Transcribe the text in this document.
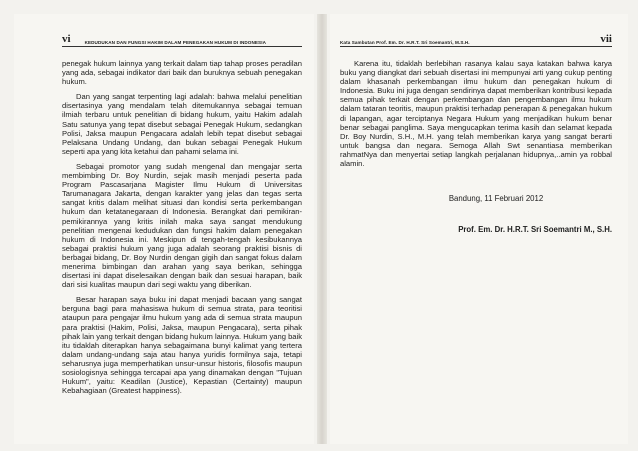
vi	KEDUDUKAN DAN FUNGSI HAKIM DALAM PENEGAKAN HUKUM DI INDONESIA

penegak hukum lainnya yang terkait dalam tiap tahap proses peradilan yang ada, sebagai indikator dari baik dan buruknya sebuah penegakan hukum.

Dan yang sangat terpenting lagi adalah: bahwa melalui penelitian disertasinya yang mendalam telah ditemukannya sebagai temuan ilmiah terbaru untuk penelitian di bidang hukum, yaitu Hakim adalah Satu satunya yang tepat disebut sebagai Penegak Hukum, sedangkan Polisi, Jaksa maupun Pengacara adalah lebih tepat disebut sebagai Pelaksana Undang Undang, dan bukan sebagai Penegak Hukum seperti apa yang kita ketahui dan pahami selama ini.

Sebagai promotor yang sudah mengenal dan mengajar serta membimbing Dr. Boy Nurdin, sejak masih menjadi peserta pada Program Pascasarjana Magister Ilmu Hukum di Universitas Tarumanagara Jakarta, dengan karakter yang jelas dan tegas serta sangat kritis dalam melihat situasi dan kondisi serta perkembangan hukum dan ketatanegaraan di Indonesia. Berangkat dari pemikiran-pemikirannya yang kritis inilah maka saya sangat mendukung penelitian mengenai kedudukan dan fungsi hakim dalam penegakan hukum di Indonesia ini. Meskipun di tengah-tengah kesibukannya sebagai praktisi hukum yang juga adalah seorang praktisi bisnis di berbagai bidang, Dr. Boy Nurdin dengan gigih dan sangat fokus dalam menerima bimbingan dan arahan yang saya berikan, sehingga disertasi ini dapat diselesaikan dengan baik dan sesuai harapan, baik dari sisi kualitas maupun dari segi waktu yang diberikan.

Besar harapan saya buku ini dapat menjadi bacaan yang sangat berguna bagi para mahasiswa hukum di semua strata, para teoritisi ataupun para pengajar ilmu hukum yang ada di semua strata maupun para praktisi (Hakim, Polisi, Jaksa, maupun Pengacara), serta pihak pihak lain yang terkait dengan bidang hukum lainnya. Hukum yang baik itu tidaklah diterapkan hanya sebagaimana bunyi kalimat yang tertera dalam undang-undang saja atau hanya yuridis formilnya saja, tetapi seharusnya juga memperhatikan unsur-unsur historis, filosofis maupun sosiologisnya sehingga tercapai apa yang dinamakan dengan "Tujuan Hukum", yaitu: Keadilan (Justice), Kepastian (Certainty) maupun Kebahagiaan (Greatest happiness).

Kata Sambutan Prof. Em. Dr. H.R.T. Sri Soemantri, M.S.H.	vii

Karena itu, tidaklah berlebihan rasanya kalau saya katakan bahwa karya buku yang diangkat dari sebuah disertasi ini mempunyai arti yang cukup penting dalam khasanah perkembangan ilmu hukum dan penegakan hukum di Indonesia. Buku ini juga dengan sendirinya dapat memberikan kontribusi kepada semua pihak terkait dengan perkembangan dan pengembangan ilmu hukum dalam tataran teoritis, maupun praktisi terhadap penerapan & penegakan hukum di lapangan, agar terciptanya Negara Hukum yang menjadikan hukum benar benar sebagai panglima. Saya mengucapkan terima kasih dan selamat kepada Dr. Boy Nurdin, S.H., M.H. yang telah memberikan karya yang sangat berarti untuk bangsa dan negara. Semoga Allah Swt senantiasa memberikan rahmatNya dan menyertai setiap langkah perjalanan hidupnya,..amin ya robbal alamin.

Bandung, 11 Februari 2012
Prof. Em. Dr. H.R.T. Sri Soemantri M., S.H.
